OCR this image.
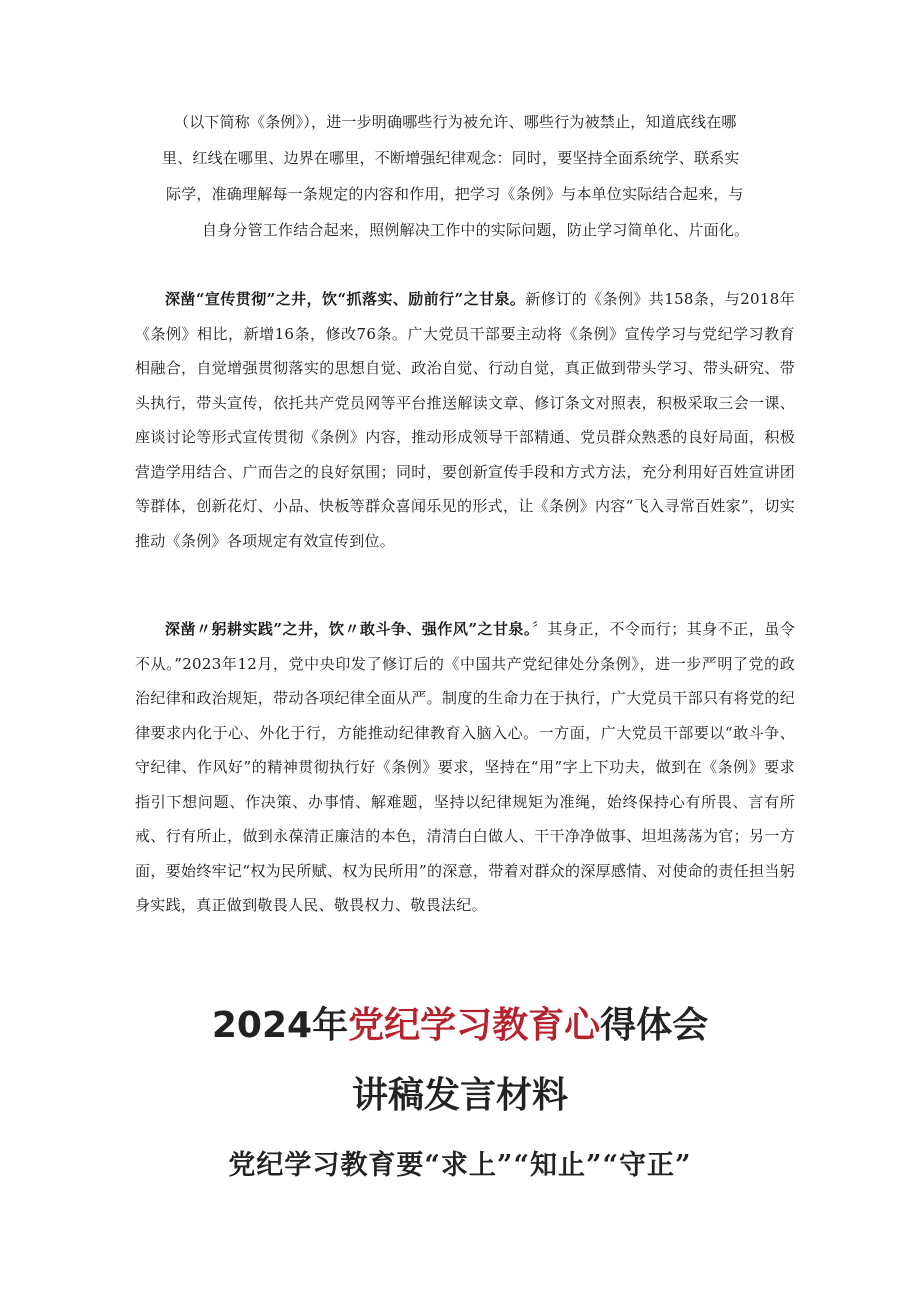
（以下简称《条例》），进一步明确哪些行为被允许、哪些行为被禁止，知道底线在哪

里、红线在哪里、边界在哪里，不断增强纪律观念：同时，要坚持全面系统学、联系实

际学，准确理解每一条规定的内容和作用，把学习《条例》与本单位实际结合起来，与

自身分管工作结合起来，照例解决工作中的实际问题，防止学习简单化、片面化。

深凿“宣传贯彻”之井，饮“抓落实、励前行”之甘泉。新修订的《条例》共158条，与2018年《条例》相比，新增16条，修改76条。广大党员干部要主动将《条例》宣传学习与党纪学习教育相融合，自觉增强贯彻落实的思想自觉、政治自觉、行动自觉，真正做到带头学习、带头研究、带头执行，带头宣传，依托共产党员网等平台推送解读文章、修订条文对照表，积极采取三会一课、座谈讨论等形式宣传贯彻《条例》内容，推动形成领导干部精通、党员群众熟悉的良好局面，积极营造学用结合、广而告之的良好氛围；同时，要创新宣传手段和方式方法，充分利用好百姓宣讲团等群体，创新花灯、小品、快板等群众喜闻乐见的形式，让《条例》内容“飞入寻常百姓家”，切实推动《条例》各项规定有效宣传到位。

深凿〃躬耕实践”之井，饮〃敢斗争、强作风”之甘泉。〞其身正，不令而行；其身不正，虽令不从。”2023年12月，党中央印发了修订后的《中国共产党纪律处分条例》，进一步严明了党的政治纪律和政治规矩，带动各项纪律全面从严。制度的生命力在于执行，广大党员干部只有将党的纪律要求内化于心、外化于行，方能推动纪律教育入脑入心。一方面，广大党员干部要以“敢斗争、守纪律、作风好”的精神贯彻执行好《条例》要求，坚持在“用”字上下功夫，做到在《条例》要求指引下想问题、作决策、办事情、解难题，坚持以纪律规矩为准绳，始终保持心有所畏、言有所戒、行有所止，做到永葆清正廉洁的本色，清清白白做人、干干净净做事、坦坦荡荡为官；另一方面，要始终牢记“权为民所赋、权为民所用”的深意，带着对群众的深厚感情、对使命的责任担当躬身实践，真正做到敬畏人民、敬畏权力、敬畏法纪。

2024年党纪学习教育心得体会
讲稿发言材料
党纪学习教育要“求上”“知止”“守正”
